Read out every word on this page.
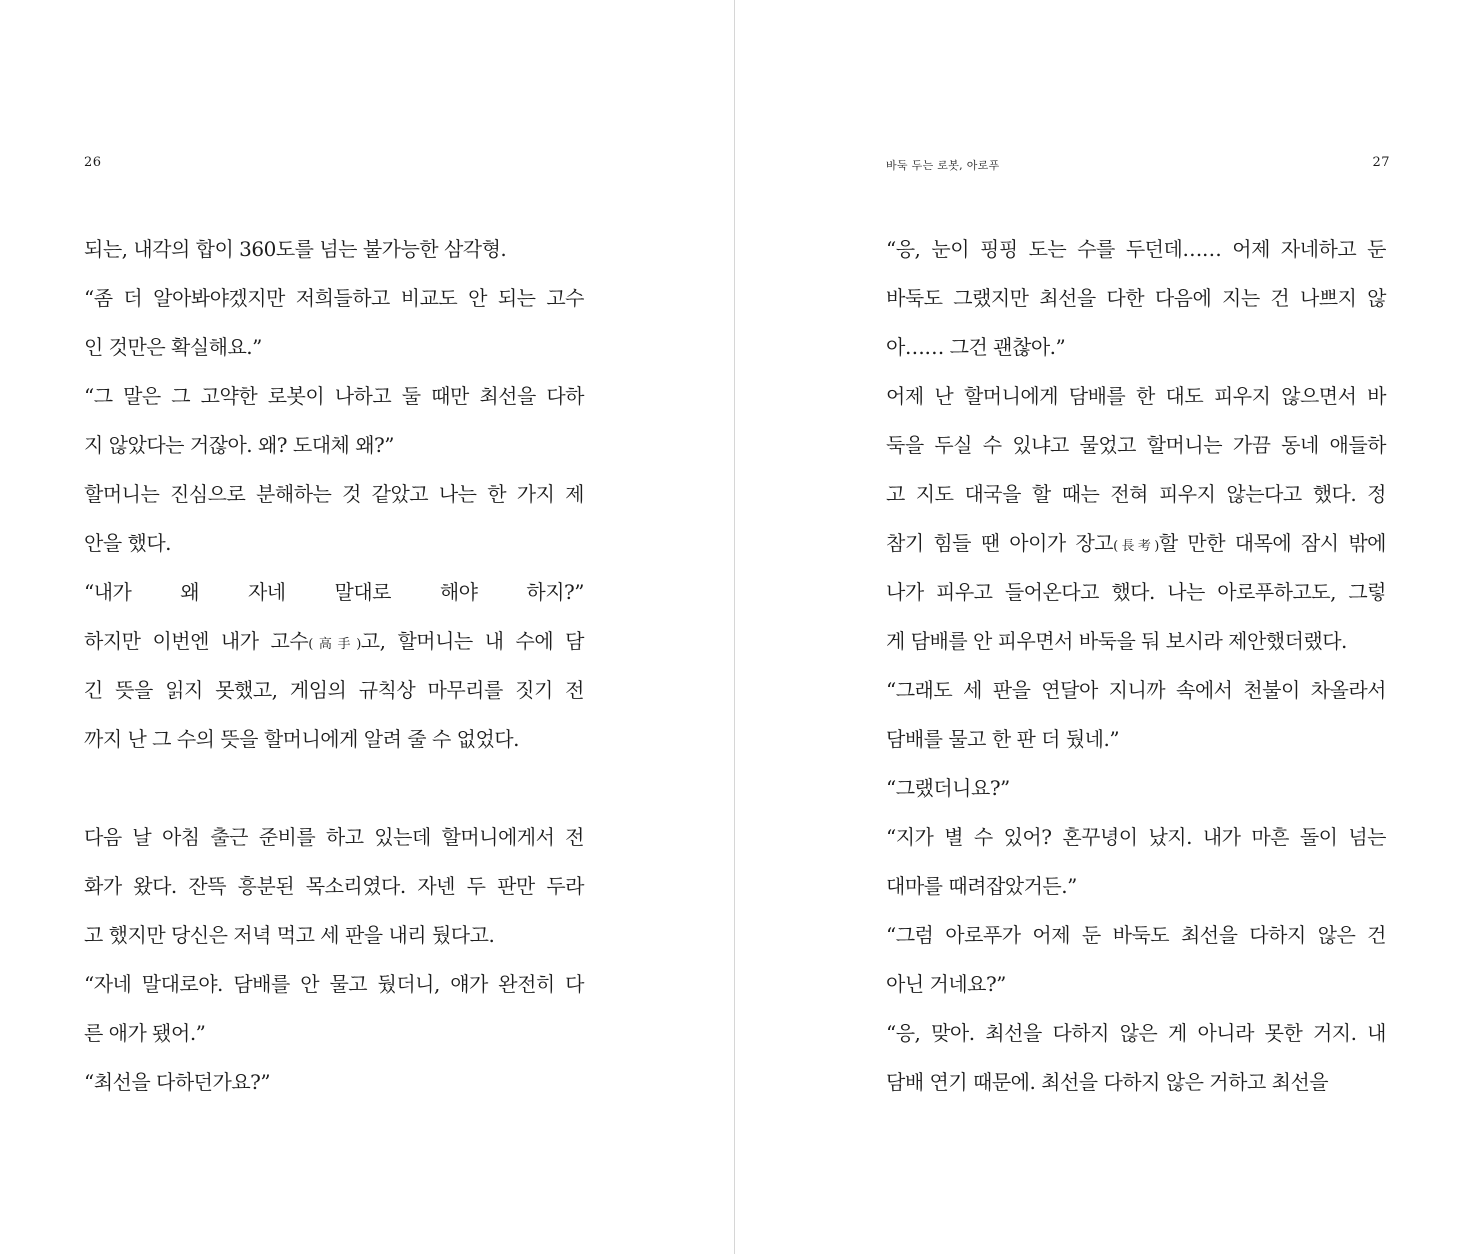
26
되는, 내각의 합이 360도를 넘는 불가능한 삼각형.
“좀 더 알아봐야겠지만 저희들하고 비교도 안 되는 고수
인 것만은 확실해요.”
“그 말은 그 고약한 로봇이 나하고 둘 때만 최선을 다하
지 않았다는 거잖아. 왜? 도대체 왜?”
할머니는 진심으로 분해하는 것 같았고 나는 한 가지 제
안을 했다.
“내가 왜 자네 말대로 해야 하지?”
하지만 이번엔 내가 고수(高手)고, 할머니는 내 수에 담
긴 뜻을 읽지 못했고, 게임의 규칙상 마무리를 짓기 전
까지 난 그 수의 뜻을 할머니에게 알려 줄 수 없었다.
다음 날 아침 출근 준비를 하고 있는데 할머니에게서 전
화가 왔다. 잔뜩 흥분된 목소리였다. 자넨 두 판만 두라
고 했지만 당신은 저녁 먹고 세 판을 내리 뒀다고.
“자네 말대로야. 담배를 안 물고 뒀더니, 얘가 완전히 다
른 애가 됐어.”
“최선을 다하던가요?”
바둑 두는 로봇, 아로푸	27
“응, 눈이 핑핑 도는 수를 두던데…… 어제 자네하고 둔
바둑도 그랬지만 최선을 다한 다음에 지는 건 나쁘지 않
아…… 그건 괜찮아.”
어제 난 할머니에게 담배를 한 대도 피우지 않으면서 바
둑을 두실 수 있냐고 물었고 할머니는 가끔 동네 애들하
고 지도 대국을 할 때는 전혀 피우지 않는다고 했다. 정
참기 힘들 땐 아이가 장고(長考)할 만한 대목에 잠시 밖에
나가 피우고 들어온다고 했다. 나는 아로푸하고도, 그렇
게 담배를 안 피우면서 바둑을 둬 보시라 제안했더랬다.
“그래도 세 판을 연달아 지니까 속에서 천불이 차올라서
담배를 물고 한 판 더 뒀네.”
“그랬더니요?”
“지가 별 수 있어? 혼꾸녕이 났지. 내가 마흔 돌이 넘는
대마를 때려잡았거든.”
“그럼 아로푸가 어제 둔 바둑도 최선을 다하지 않은 건
아닌 거네요?”
“응, 맞아. 최선을 다하지 않은 게 아니라 못한 거지. 내
담배 연기 때문에. 최선을 다하지 않은 거하고 최선을
